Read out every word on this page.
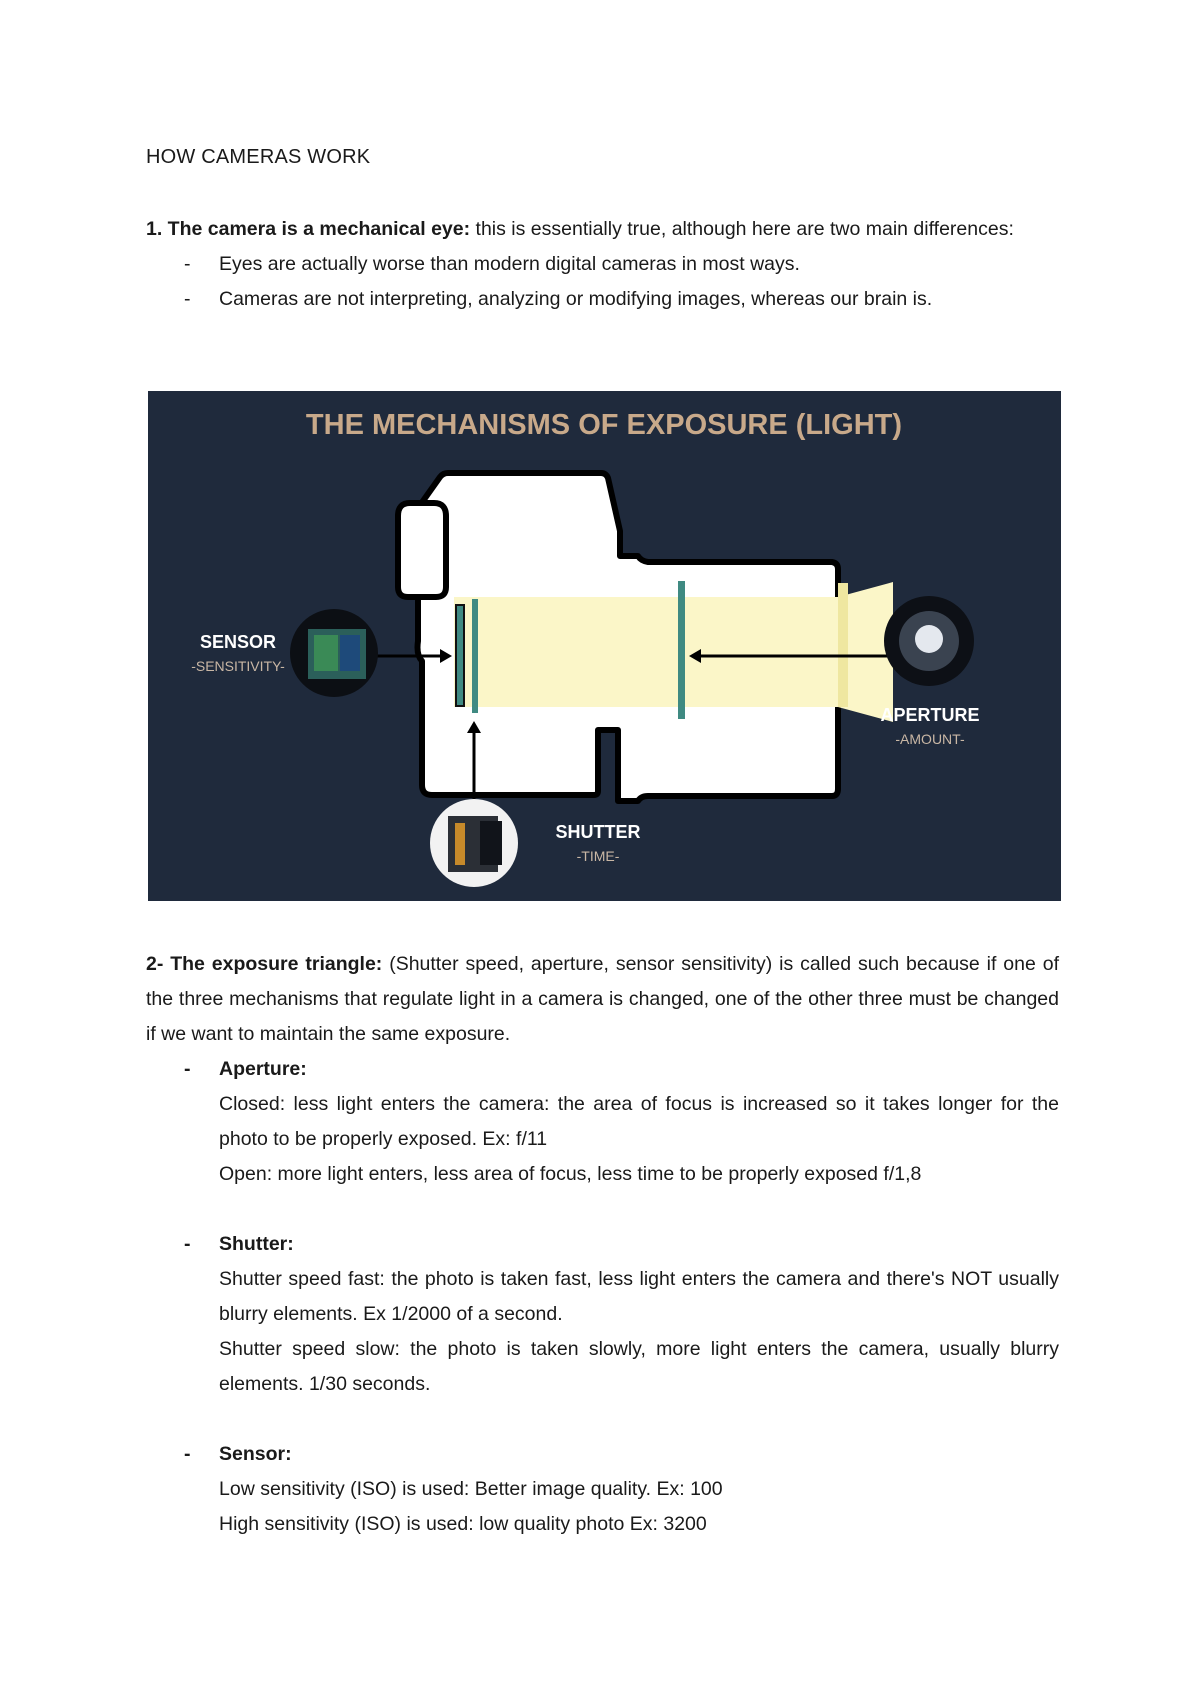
HOW CAMERAS WORK

1. The camera is a mechanical eye: this is essentially true, although here are two main differences:

- Eyes are actually worse than modern digital cameras in most ways.
- Cameras are not interpreting, analyzing or modifying images, whereas our brain is.
THE MECHANISMS OF EXPOSURE (LIGHT)
SENSOR
-SENSITIVITY-
APERTURE
-AMOUNT-
SHUTTER
-TIME-

2- The exposure triangle: (Shutter speed, aperture, sensor sensitivity) is called such because if one of the three mechanisms that regulate light in a camera is changed, one of the other three must be changed if we want to maintain the same exposure.

- Aperture:

Closed: less light enters the camera: the area of focus is increased so it takes longer for the photo to be properly exposed. Ex: f/11

Open: more light enters, less area of focus, less time to be properly exposed f/1,8

- Shutter:

Shutter speed fast: the photo is taken fast, less light enters the camera and there's NOT usually blurry elements. Ex 1/2000 of a second.

Shutter speed slow: the photo is taken slowly, more light enters the camera, usually blurry elements. 1/30 seconds.

- Sensor:

Low sensitivity (ISO) is used: Better image quality. Ex: 100

High sensitivity (ISO) is used: low quality photo Ex: 3200
